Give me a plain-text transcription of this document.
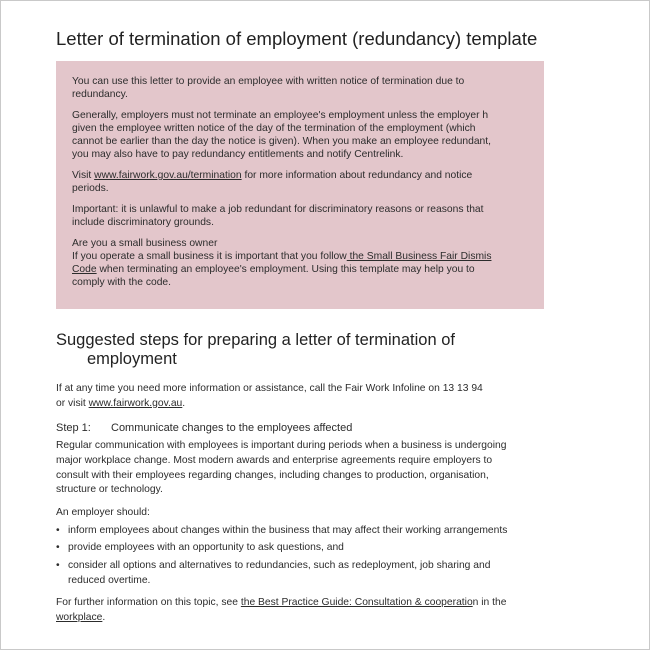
Letter of termination of employment (redundancy) template

You can use this letter to provide an employee with written notice of termination due to
redundancy.

Generally, employers must not terminate an employee's employment unless the employer h
given the employee written notice of the day of the termination of the employment (which
cannot be earlier than the day the notice is given). When you make an employee redundant,
you may also have to pay redundancy entitlements and notify Centrelink.

Visit www.fairwork.gov.au/termination for more information about redundancy and notice
periods.

Important: it is unlawful to make a job redundant for discriminatory reasons or reasons that
include discriminatory grounds.

Are you a small business owner
If you operate a small business it is important that you follow the Small Business Fair Dismis
Code when terminating an employee's employment. Using this template may help you to
comply with the code.

Suggested steps for preparing a letter of termination of
employment

If at any time you need more information or assistance, call the Fair Work Infoline on 13 13 94
or visit www.fairwork.gov.au.

Step 1: Communicate changes to the employees affected

Regular communication with employees is important during periods when a business is undergoing
major workplace change. Most modern awards and enterprise agreements require employers to
consult with their employees regarding changes, including changes to production, organisation,
structure or technology.

An employer should:

• inform employees about changes within the business that may affect their working arrangements
• provide employees with an opportunity to ask questions, and
• consider all options and alternatives to redundancies, such as redeployment, job sharing and
reduced overtime.

For further information on this topic, see the Best Practice Guide: Consultation & cooperation in the
workplace.
